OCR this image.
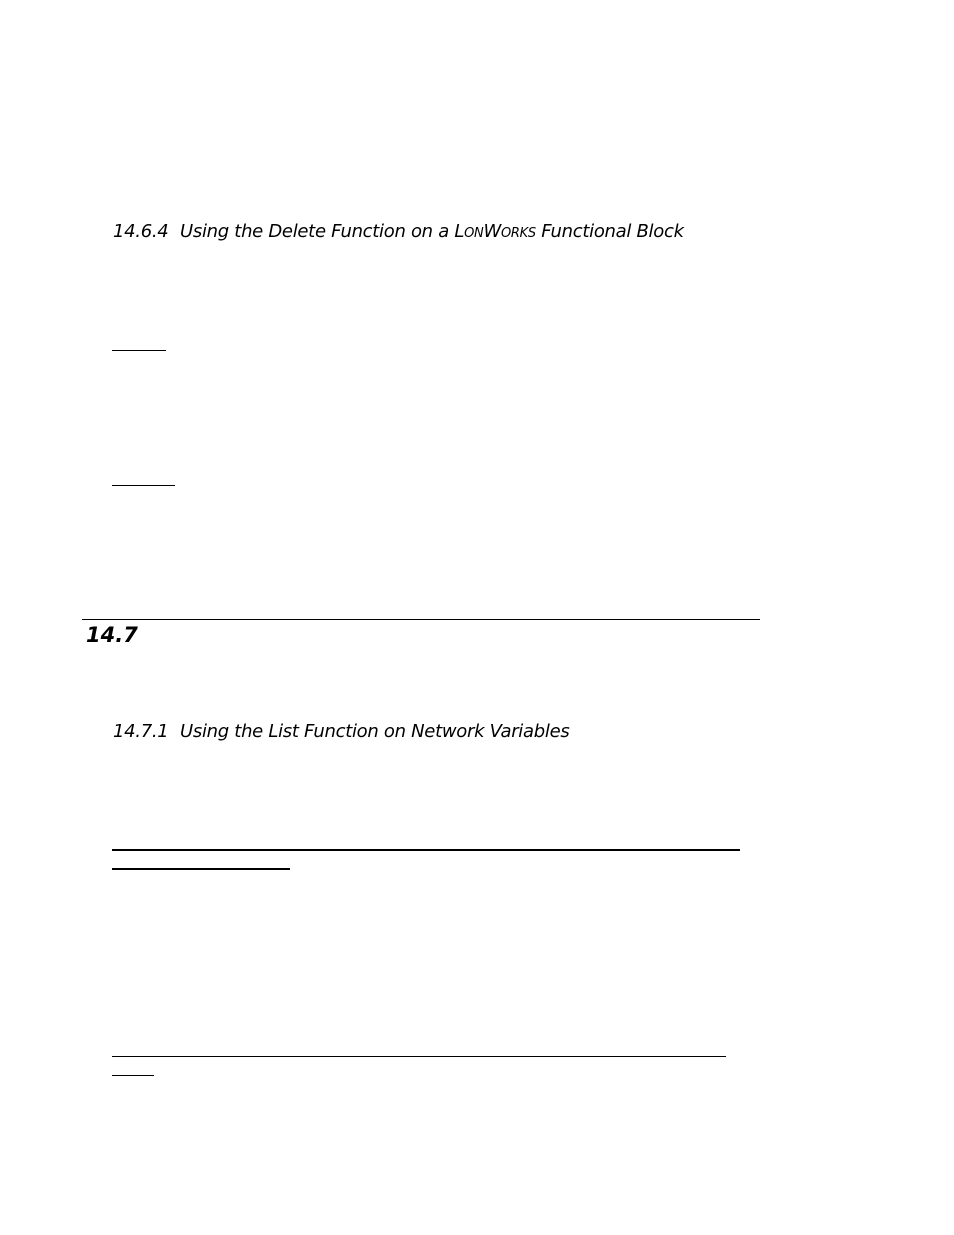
14.6.4 Using the Delete Function on a LonWorks Functional Block
14.7
14.7.1 Using the List Function on Network Variables
